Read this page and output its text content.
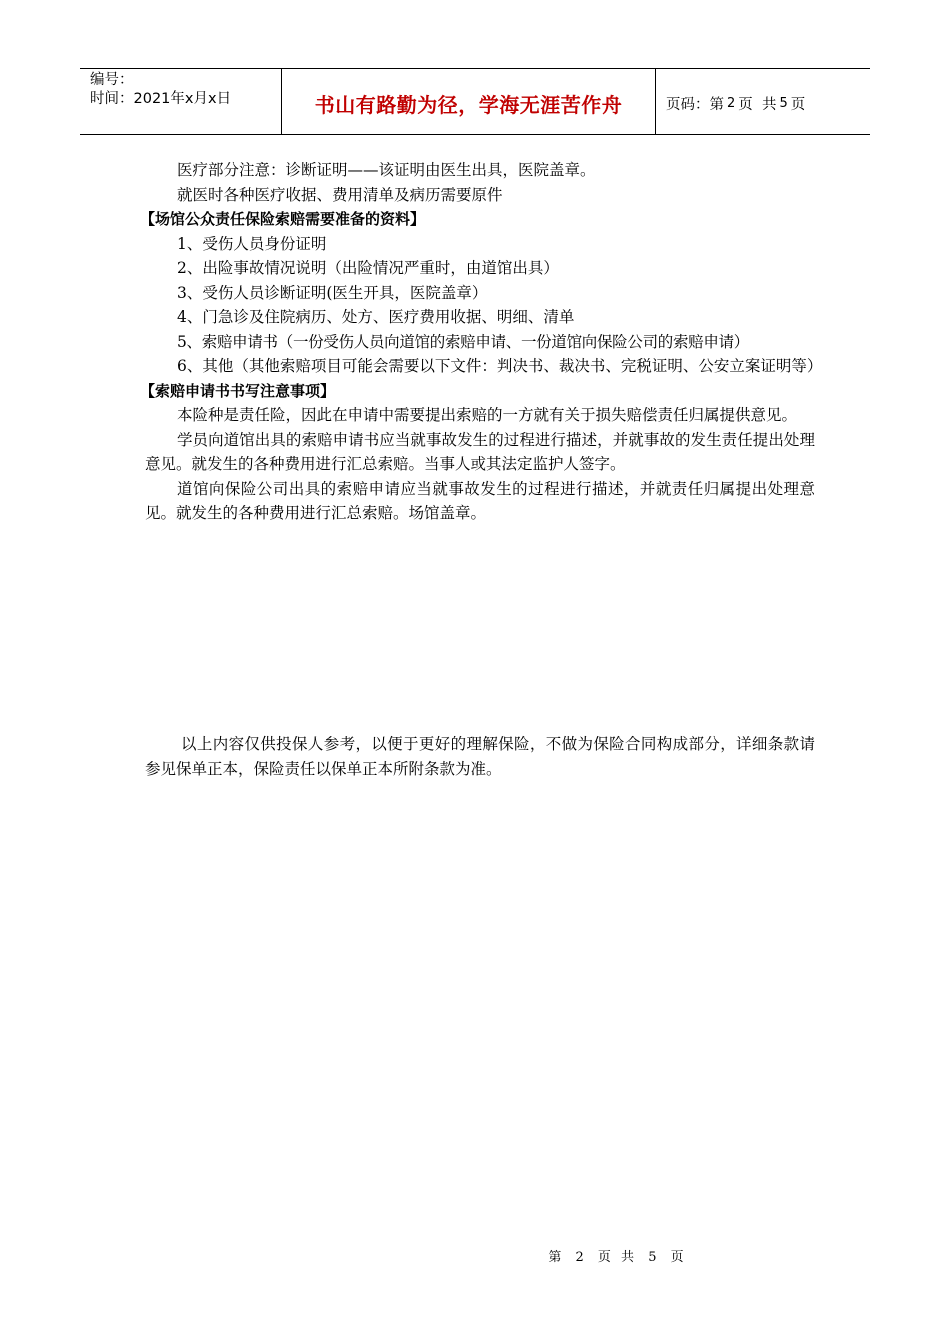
编号：
时间：2021年x月x日	书山有路勤为径，学海无涯苦作舟	页码：第 2 页  共 5 页
医疗部分注意：诊断证明——该证明由医生出具，医院盖章。
就医时各种医疗收据、费用清单及病历需要原件
【场馆公众责任保险索赔需要准备的资料】
1、受伤人员身份证明
2、出险事故情况说明（出险情况严重时，由道馆出具）
3、受伤人员诊断证明(医生开具，医院盖章）
4、门急诊及住院病历、处方、医疗费用收据、明细、清单
5、索赔申请书（一份受伤人员向道馆的索赔申请、一份道馆向保险公司的索赔申请）
6、其他（其他索赔项目可能会需要以下文件：判决书、裁决书、完税证明、公安立案证明等）
【索赔申请书书写注意事项】
本险种是责任险，因此在申请中需要提出索赔的一方就有关于损失赔偿责任归属提供意见。
学员向道馆出具的索赔申请书应当就事故发生的过程进行描述，并就事故的发生责任提出处理意见。就发生的各种费用进行汇总索赔。当事人或其法定监护人签字。
道馆向保险公司出具的索赔申请应当就事故发生的过程进行描述，并就责任归属提出处理意见。就发生的各种费用进行汇总索赔。场馆盖章。
以上内容仅供投保人参考，以便于更好的理解保险，不做为保险合同构成部分，详细条款请参见保单正本，保险责任以保单正本所附条款为准。
第 2 页 共 5 页
